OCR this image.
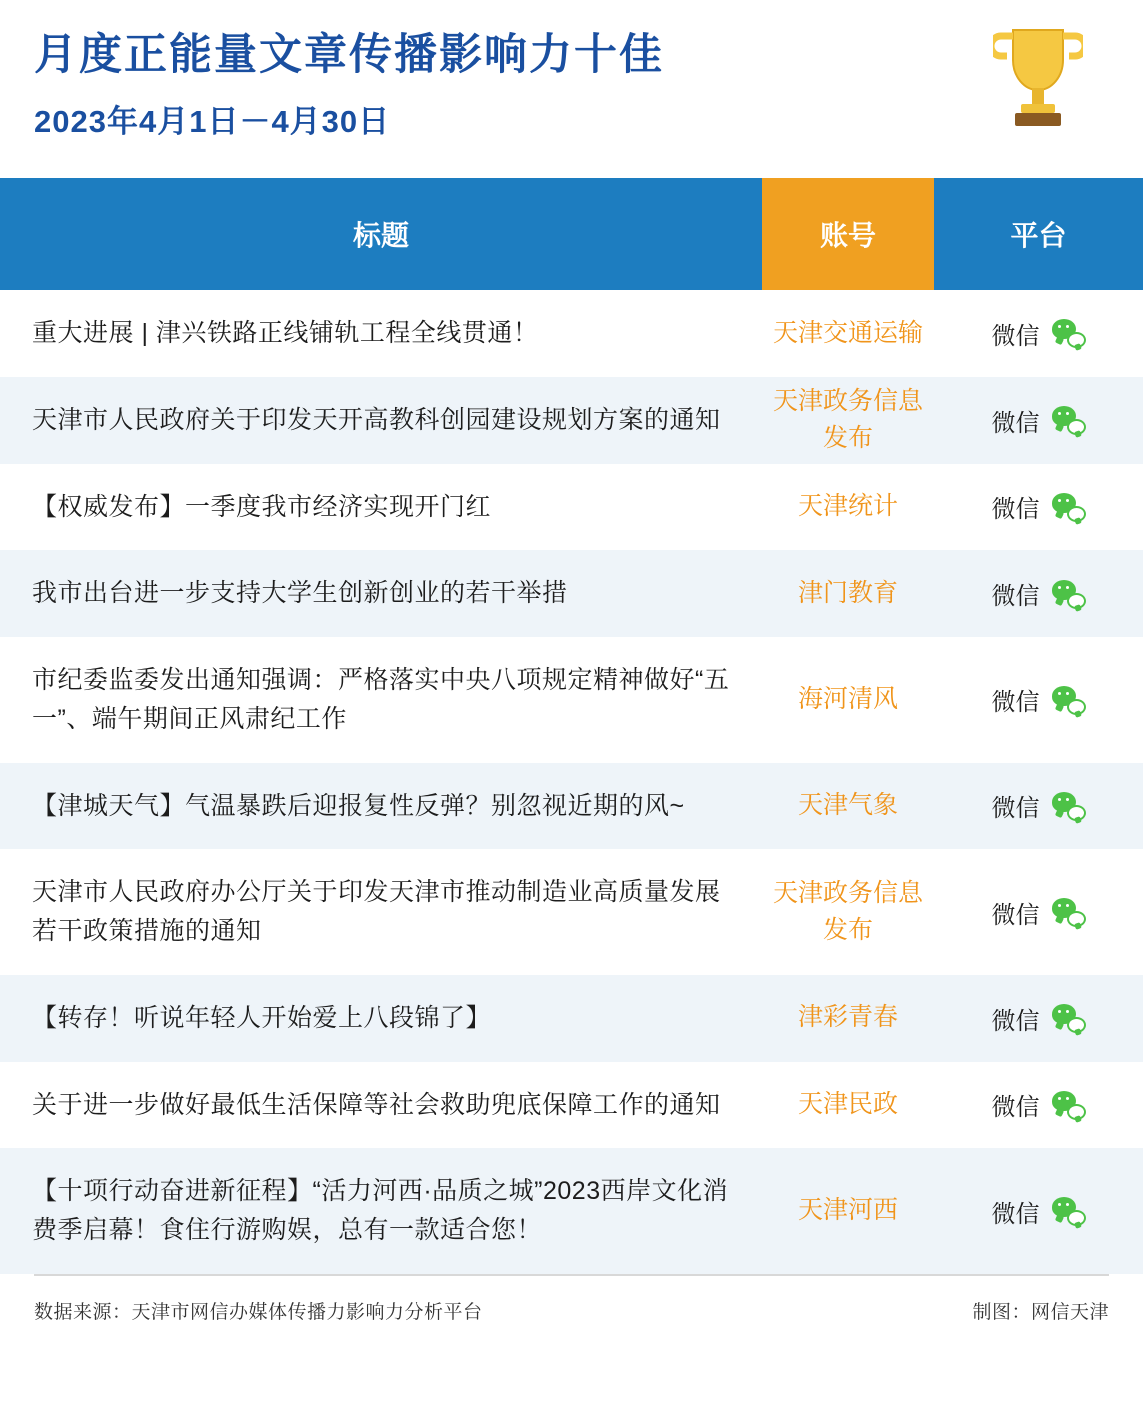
月度正能量文章传播影响力十佳
2023年4月1日－4月30日
标题	账号	平台
重大进展 | 津兴铁路正线铺轨工程全线贯通！	天津交通运输	微信

天津市人民政府关于印发天开高教科创园建设规划方案的通知	天津政务信息发布	微信

【权威发布】一季度我市经济实现开门红	天津统计	微信

我市出台进一步支持大学生创新创业的若干举措	津门教育	微信

市纪委监委发出通知强调：严格落实中央八项规定精神做好“五一”、端午期间正风肃纪工作	海河清风	微信

【津城天气】气温暴跌后迎报复性反弹？别忽视近期的风~	天津气象	微信

天津市人民政府办公厅关于印发天津市推动制造业高质量发展若干政策措施的通知	天津政务信息发布	微信

【转存！听说年轻人开始爱上八段锦了】	津彩青春	微信

关于进一步做好最低生活保障等社会救助兜底保障工作的通知	天津民政	微信

【十项行动奋进新征程】“活力河西·品质之城”2023西岸文化消费季启幕！食住行游购娱，总有一款适合您！	天津河西	微信
数据来源：天津市网信办媒体传播力影响力分析平台	制图：网信天津
